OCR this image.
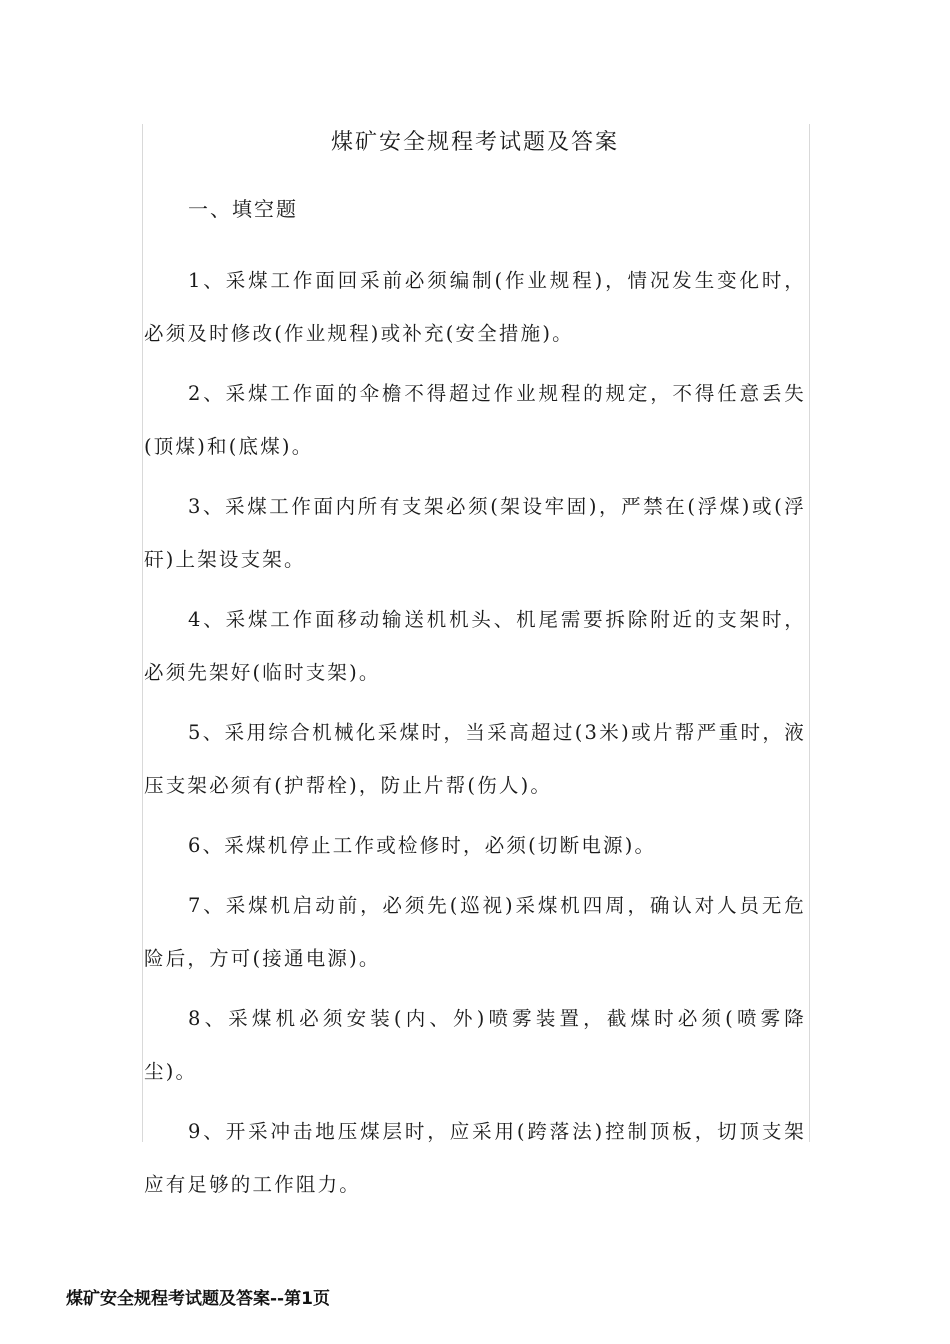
煤矿安全规程考试题及答案
一、填空题

1、采煤工作面回采前必须编制(作业规程)，情况发生变化时，必须及时修改(作业规程)或补充(安全措施)。

2、采煤工作面的伞檐不得超过作业规程的规定，不得任意丢失(顶煤)和(底煤)。

3、采煤工作面内所有支架必须(架设牢固)，严禁在(浮煤)或(浮矸)上架设支架。

4、采煤工作面移动输送机机头、机尾需要拆除附近的支架时，必须先架好(临时支架)。

5、采用综合机械化采煤时，当采高超过(3米)或片帮严重时，液压支架必须有(护帮栓)，防止片帮(伤人)。

6、采煤机停止工作或检修时，必须(切断电源)。

7、采煤机启动前，必须先(巡视)采煤机四周，确认对人员无危险后，方可(接通电源)。

8、采煤机必须安装(内、外)喷雾装置，截煤时必须(喷雾降尘)。

9、开采冲击地压煤层时，应采用(跨落法)控制顶板，切顶支架应有足够的工作阻力。

煤矿安全规程考试题及答案--第1页
